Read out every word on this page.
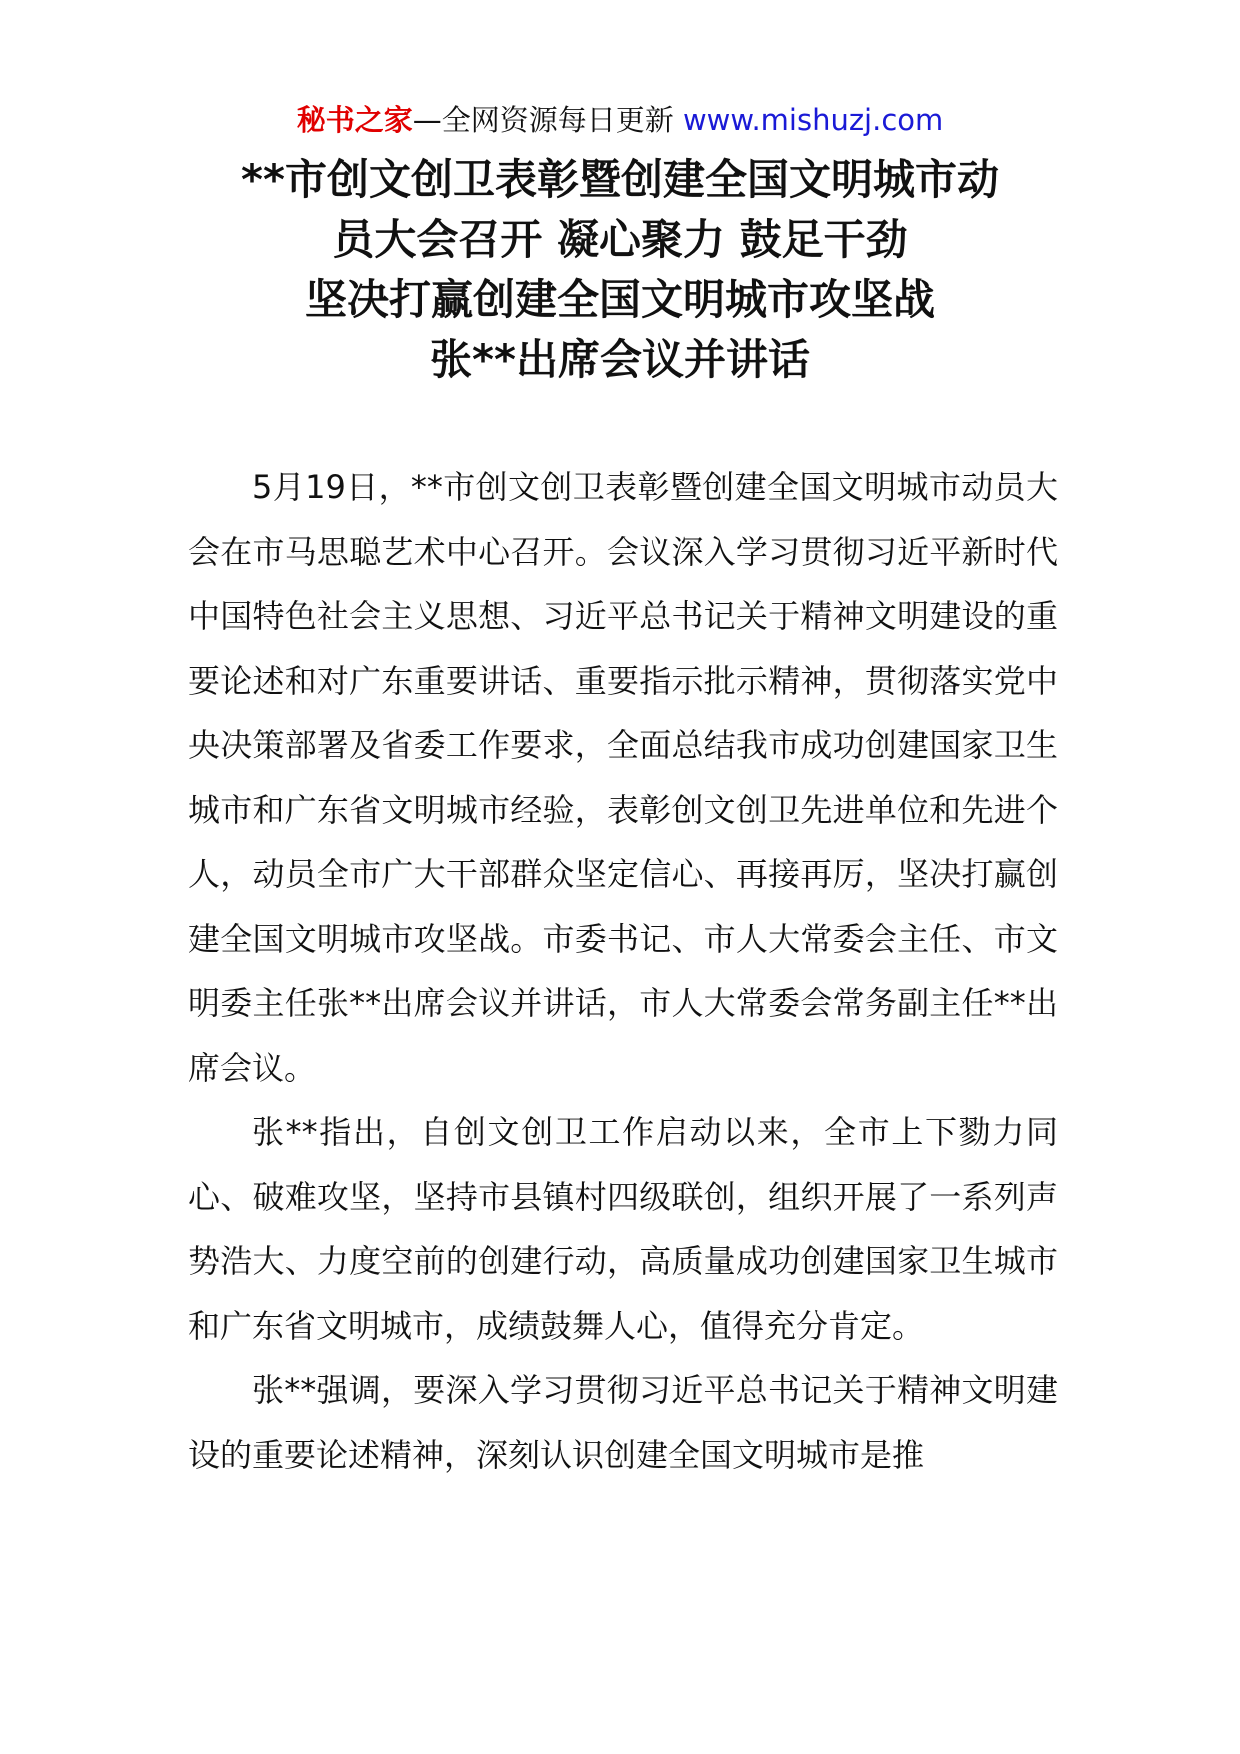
秘书之家—全网资源每日更新 www.mishuzj.com
**市创文创卫表彰暨创建全国文明城市动
员大会召开 凝心聚力 鼓足干劲
坚决打赢创建全国文明城市攻坚战
张**出席会议并讲话

5月19日，**市创文创卫表彰暨创建全国文明城市动员大会在市马思聪艺术中心召开。会议深入学习贯彻习近平新时代中国特色社会主义思想、习近平总书记关于精神文明建设的重要论述和对广东重要讲话、重要指示批示精神，贯彻落实党中央决策部署及省委工作要求，全面总结我市成功创建国家卫生城市和广东省文明城市经验，表彰创文创卫先进单位和先进个人，动员全市广大干部群众坚定信心、再接再厉，坚决打赢创建全国文明城市攻坚战。市委书记、市人大常委会主任、市文明委主任张**出席会议并讲话，市人大常委会常务副主任**出席会议。

张**指出，自创文创卫工作启动以来，全市上下勠力同心、破难攻坚，坚持市县镇村四级联创，组织开展了一系列声势浩大、力度空前的创建行动，高质量成功创建国家卫生城市和广东省文明城市，成绩鼓舞人心，值得充分肯定。

张**强调，要深入学习贯彻习近平总书记关于精神文明建设的重要论述精神，深刻认识创建全国文明城市是推
